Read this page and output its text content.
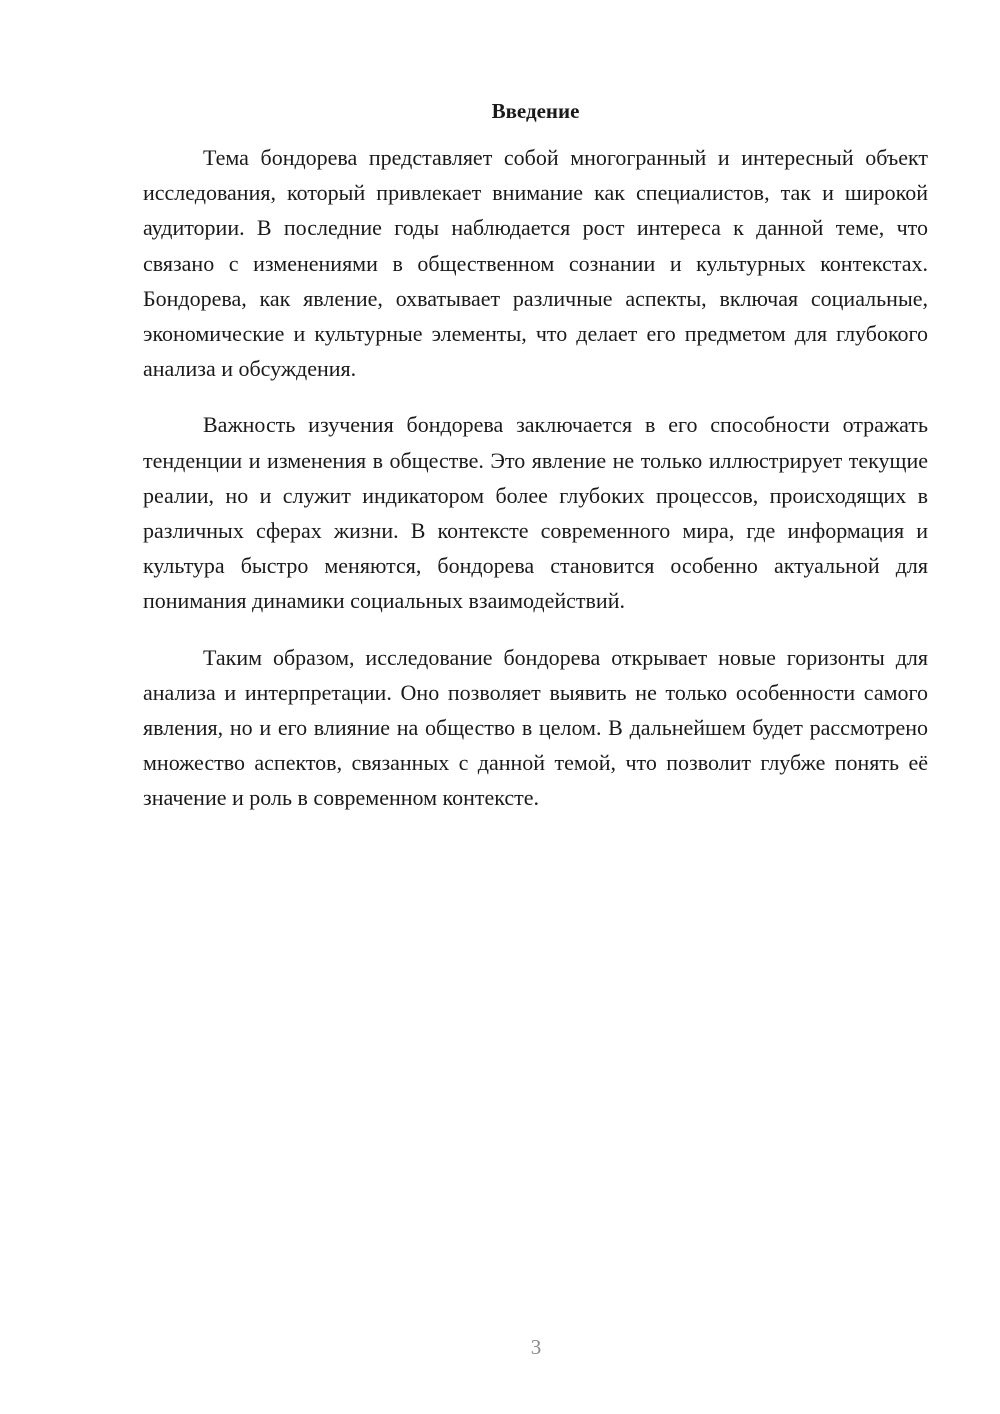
Введение

Тема бондорева представляет собой многогранный и интересный объект исследования, который привлекает внимание как специалистов, так и широкой аудитории. В последние годы наблюдается рост интереса к данной теме, что связано с изменениями в общественном сознании и культурных контекстах. Бондорева, как явление, охватывает различные аспекты, включая социальные, экономические и культурные элементы, что делает его предметом для глубокого анализа и обсуждения.

Важность изучения бондорева заключается в его способности отражать тенденции и изменения в обществе. Это явление не только иллюстрирует текущие реалии, но и служит индикатором более глубоких процессов, происходящих в различных сферах жизни. В контексте современного мира, где информация и культура быстро меняются, бондорева становится особенно актуальной для понимания динамики социальных взаимодействий.

Таким образом, исследование бондорева открывает новые горизонты для анализа и интерпретации. Оно позволяет выявить не только особенности самого явления, но и его влияние на общество в целом. В дальнейшем будет рассмотрено множество аспектов, связанных с данной темой, что позволит глубже понять её значение и роль в современном контексте.

3
